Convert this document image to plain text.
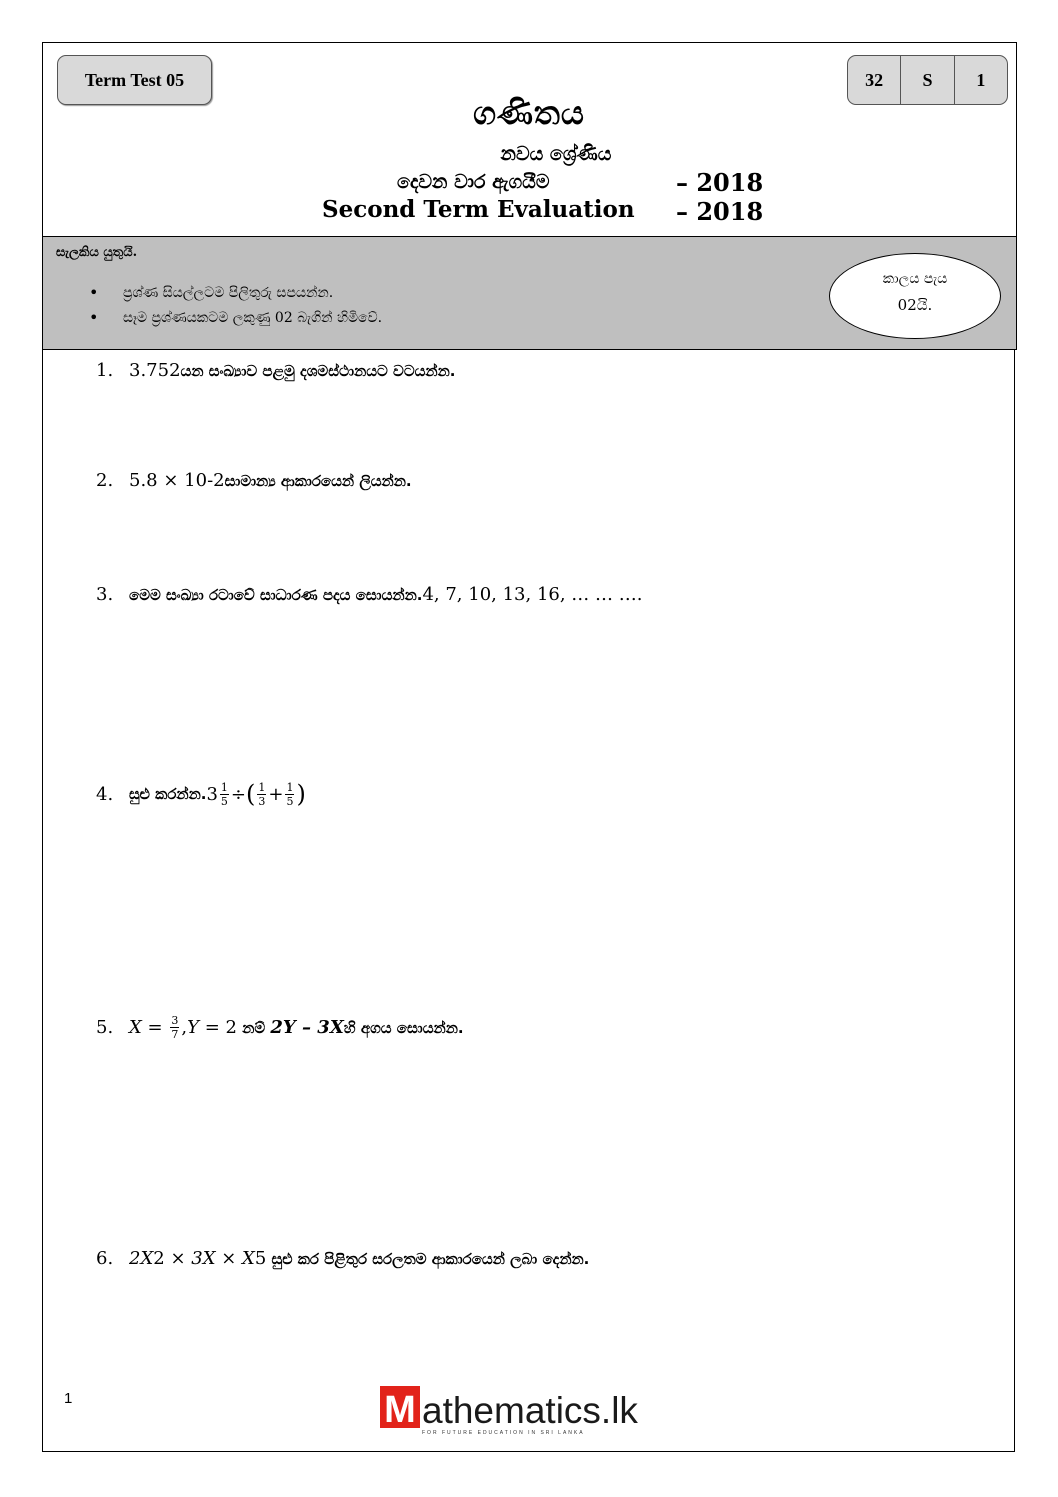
Term Test 05	32	S	1
ගණිතය
නවය ශ්‍රේණිය
දෙවන වාර ඇගයීම	– 2018
Second Term Evaluation – 2018
සැලකිය යුතුයි.
• ප්‍රශ්ණ සියල්ලටම පිලිතුරු සපයන්න.
• සෑම ප්‍රශ්ණයකටම ලකුණු 02 බැගින් හිමිවේ.
කාලය පැය
02යි.
1. 3.752 යන සංඛ්‍යාව පළමු දශමස්ථානයට වටයන්න.
2. 5.8 × 10 -2 සාමාන්‍ය ආකාරයෙන් ලියන්න.
3.	මෙම සංඛ්‍යා රටාවේ සාධාරණ පදය සොයන්න. 4, 7, 10, 13, 16, … … ….
4.	සුළු කරන්න. $3 \frac{1}{5}$ ÷ ( $\frac{1}{3} + \frac{1}{5}$ )
5. $X = \frac{3}{7}$ , Y = 2 නම් 2Y – 3X හි අගය සොයන්න.
6. 2X 2 × 3X × X 5 සුළු කර පිළිතුර සරලතම ආකාරයෙන් ලබා දෙන්න.
1	M athematics.lk
FOR FUTURE EDUCATION IN SRI LANKA
